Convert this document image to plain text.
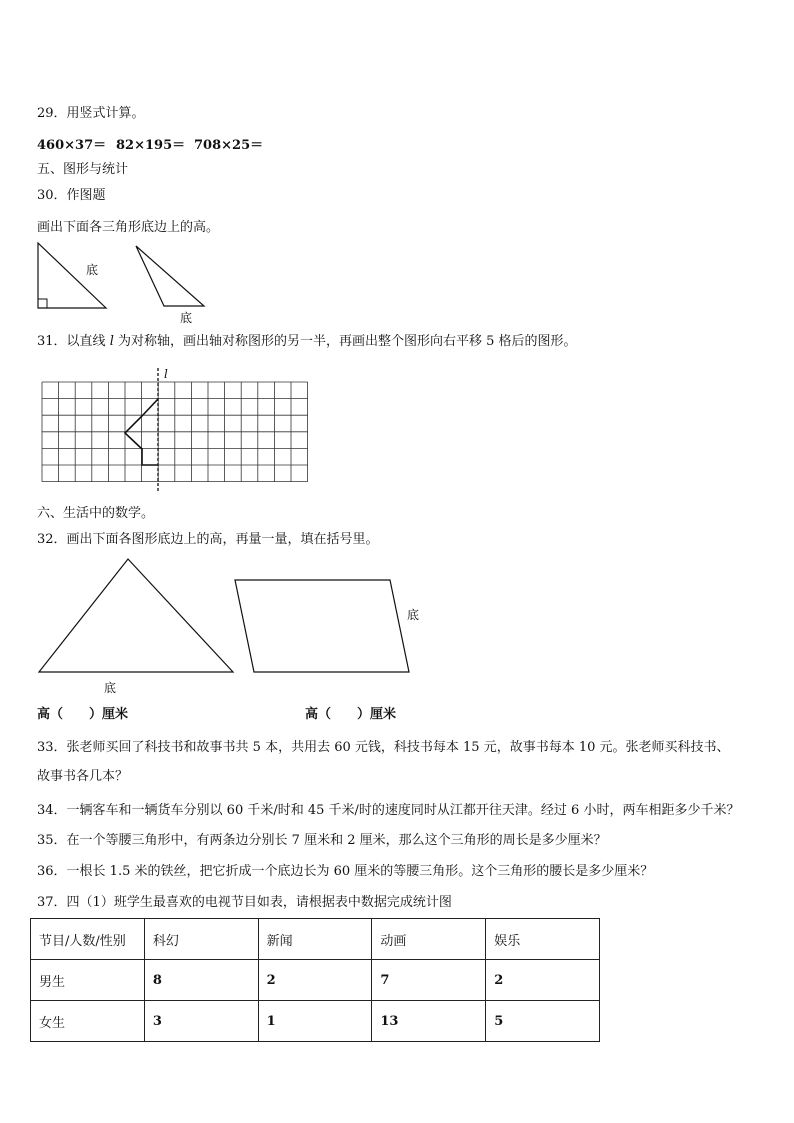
29．用竖式计算。
460×37＝ 82×195＝ 708×25＝
五、图形与统计
30．作图题
画出下面各三角形底边上的高。
底
底
31．以直线 l 为对称轴，画出轴对称图形的另一半，再画出整个图形向右平移 5 格后的图形。
l
六、生活中的数学。
32．画出下面各图形底边上的高，再量一量，填在括号里。
底
底
高（　　）厘米	高（　　）厘米
33．张老师买回了科技书和故事书共 5 本，共用去 60 元钱，科技书每本 15 元，故事书每本 10 元。张老师买科技书、
故事书各几本？
34．一辆客车和一辆货车分别以 60 千米/时和 45 千米/时的速度同时从江都开往天津。经过 6 小时，两车相距多少千米？
35．在一个等腰三角形中，有两条边分别长 7 厘米和 2 厘米，那么这个三角形的周长是多少厘米？
36．一根长 1.5 米的铁丝，把它折成一个底边长为 60 厘米的等腰三角形。这个三角形的腰长是多少厘米？
37．四（1）班学生最喜欢的电视节目如表，请根据表中数据完成统计图
节目/人数/性别	科幻	新闻	动画	娱乐
男生	8	2	7	2
女生	3	1	13	5
